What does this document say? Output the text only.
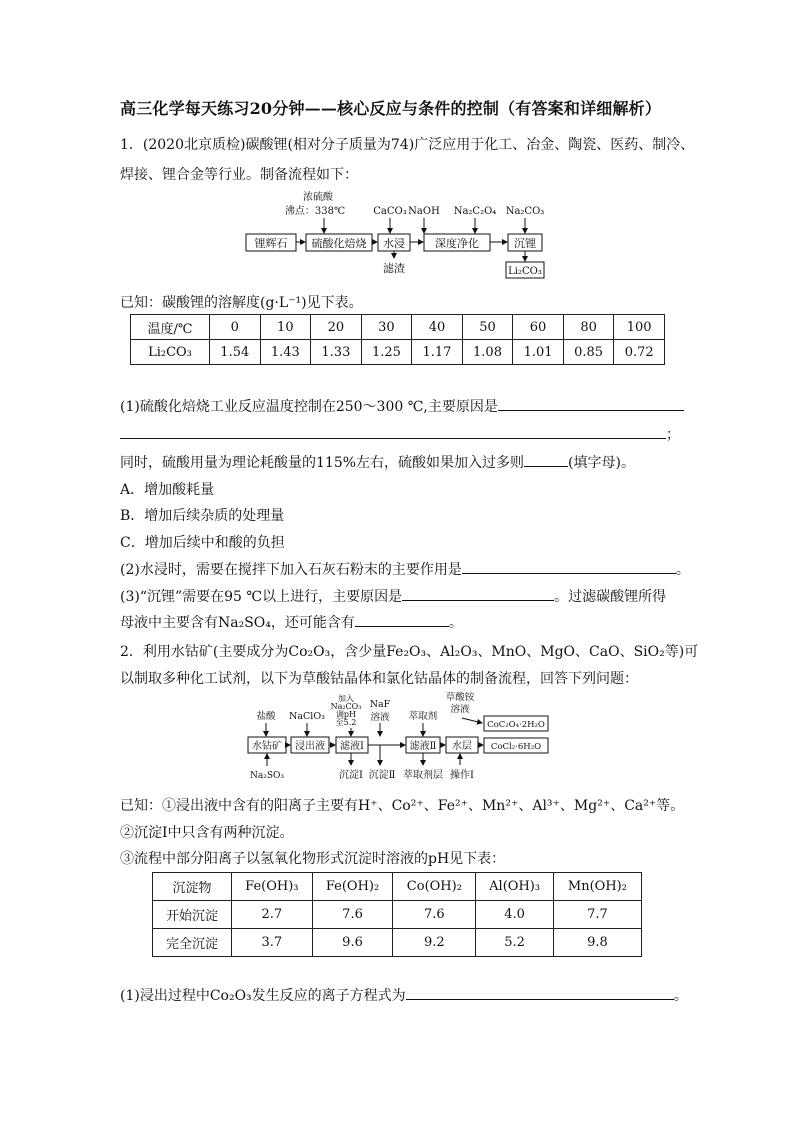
高三化学每天练习20分钟——核心反应与条件的控制（有答案和详细解析）
1．(2020北京质检)碳酸锂(相对分子质量为74)广泛应用于化工、冶金、陶瓷、医药、制冷、
焊接、锂合金等行业。制备流程如下：
浓硫酸
沸点：338℃	CaCO₃ NaOH Na₂C₂O₄ Na₂CO₃
锂辉石 硫酸化焙烧 水浸	深度净化	沉锂
Li₂CO₃
滤渣
已知：碳酸锂的溶解度(g·L⁻¹)见下表。
温度/℃	0	10	20	30	40	50	60	80	100
Li₂CO₃	1.54	1.43	1.33	1.25	1.17	1.08	1.01	0.85	0.72
(1)硫酸化焙烧工业反应温度控制在250～300 ℃,主要原因是
；
同时，硫酸用量为理论耗酸量的115%左右，硫酸如果加入过多则	(填字母)。
A．增加酸耗量
B．增加后续杂质的处理量
C．增加后续中和酸的负担
(2)水浸时，需要在搅拌下加入石灰石粉末的主要作用是	。
(3)“沉锂”需要在95 ℃以上进行，主要原因是	。过滤碳酸锂所得
母液中主要含有Na₂SO₄，还可能含有	。
2．利用水钴矿(主要成分为Co₂O₃，含少量Fe₂O₃、Al₂O₃、MnO、MgO、CaO、SiO₂等)可
以制取多种化工试剂，以下为草酸钴晶体和氯化钴晶体的制备流程，回答下列问题：
盐酸 NaClO₃
加入
Na₂CO₃
调pH
至5.2
NaF
溶液 萃取剂
草酸铵
溶液
水钴矿 浸出液 滤液Ⅰ	滤液Ⅱ 水层
CoC₂O₄·2H₂O
CoCl₂·6H₂O
Na₂SO₃	沉淀Ⅰ 沉淀Ⅱ 萃取剂层 操作Ⅰ
已知：①浸出液中含有的阳离子主要有H⁺、Co²⁺、Fe²⁺、Mn²⁺、Al³⁺、Mg²⁺、Ca²⁺等。
②沉淀Ⅰ中只含有两种沉淀。
③流程中部分阳离子以氢氧化物形式沉淀时溶液的pH见下表：
沉淀物	Fe(OH)₃	Fe(OH)₂	Co(OH)₂	Al(OH)₃	Mn(OH)₂
开始沉淀	2.7	7.6	7.6	4.0	7.7
完全沉淀	3.7	9.6	9.2	5.2	9.8
(1)浸出过程中Co₂O₃发生反应的离子方程式为	。
